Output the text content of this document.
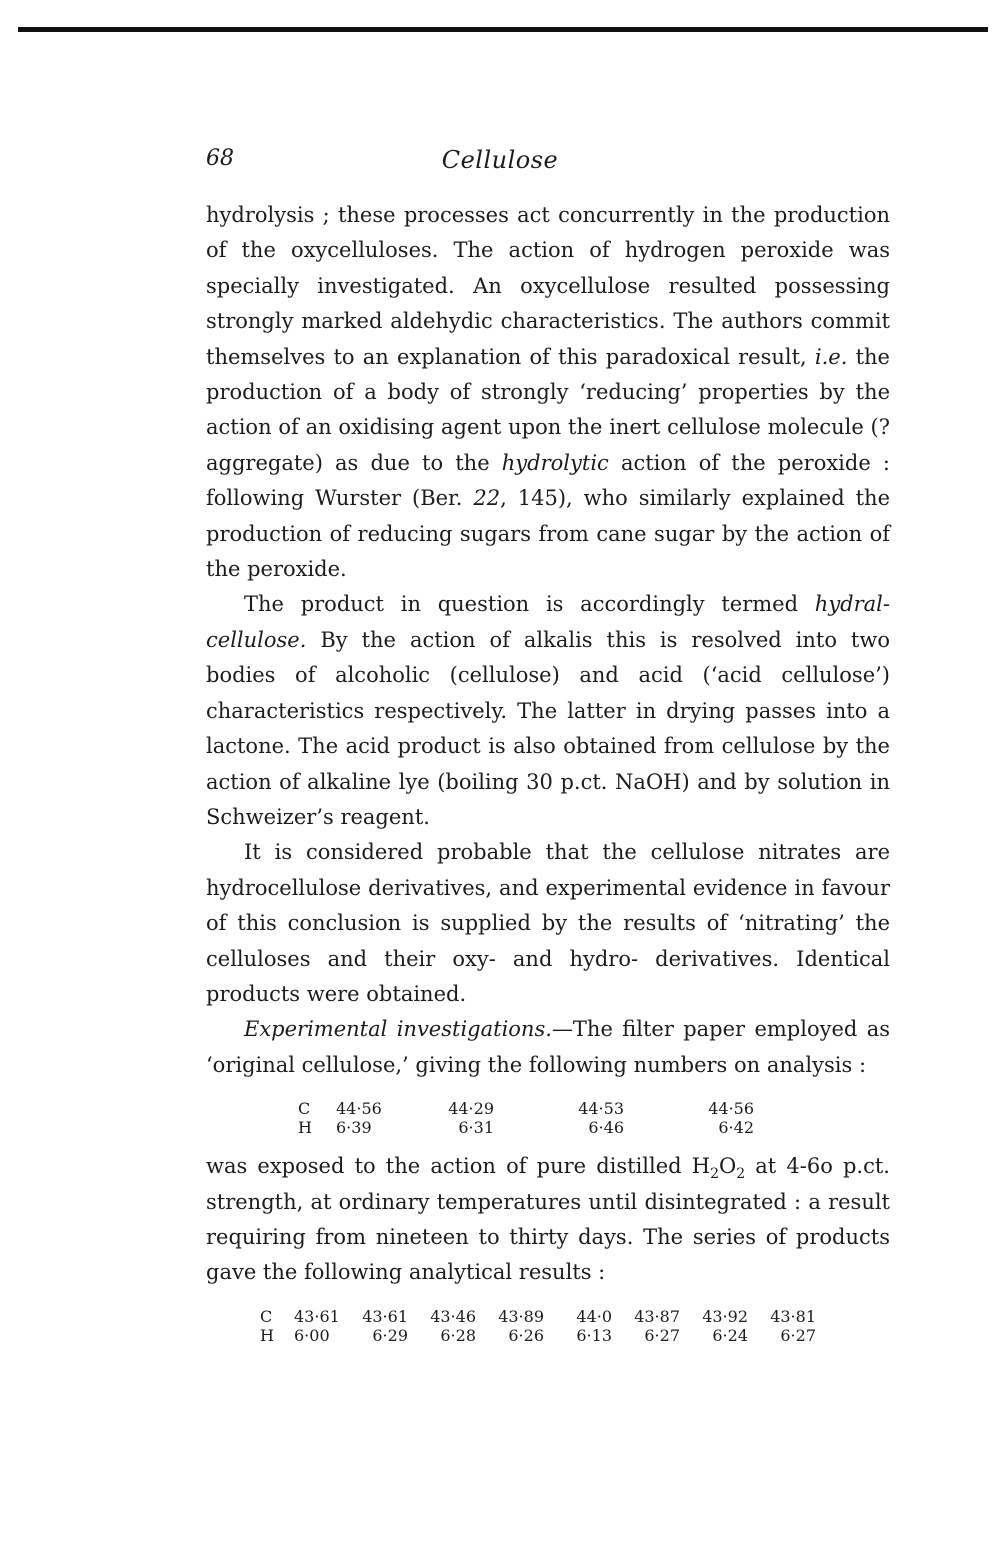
68	Cellulose

hydrolysis ; these processes act concurrently in the production of the oxycelluloses. The action of hydrogen peroxide was specially investigated. An oxycellulose resulted possessing strongly marked aldehydic characteristics. The authors commit themselves to an explanation of this paradoxical result, i.e. the production of a body of strongly ‘reducing’ properties by the action of an oxidising agent upon the inert cellulose molecule (? aggregate) as due to the hydrolytic action of the peroxide : following Wurster (Ber. 22, 145), who similarly explained the production of reducing sugars from cane sugar by the action of the peroxide.

The product in question is accordingly termed hydral-cellulose. By the action of alkalis this is resolved into two bodies of alcoholic (cellulose) and acid (‘acid cellulose’) characteristics respectively. The latter in drying passes into a lactone. The acid product is also obtained from cellulose by the action of alkaline lye (boiling 30 p.ct. NaOH) and by solution in Schweizer’s reagent.

It is considered probable that the cellulose nitrates are hydrocellulose derivatives, and experimental evidence in favour of this conclusion is supplied by the results of ‘nitrating’ the celluloses and their oxy- and hydro- derivatives. Identical products were obtained.

Experimental investigations.—The filter paper employed as ‘original cellulose,’ giving the following numbers on analysis :

C	44·56	44·29	44·53	44·56
H	6·39	6·31	6·46	6·42

was exposed to the action of pure distilled $H_2O_2$ at 4-6o p.ct. strength, at ordinary temperatures until disintegrated : a result requiring from nineteen to thirty days. The series of products gave the following analytical results :

C	43·61	43·61	43·46	43·89	44·0	43·87	43·92	43·81
H	6·00	6·29	6·28	6·26	6·13	6·27	6·24	6·27
